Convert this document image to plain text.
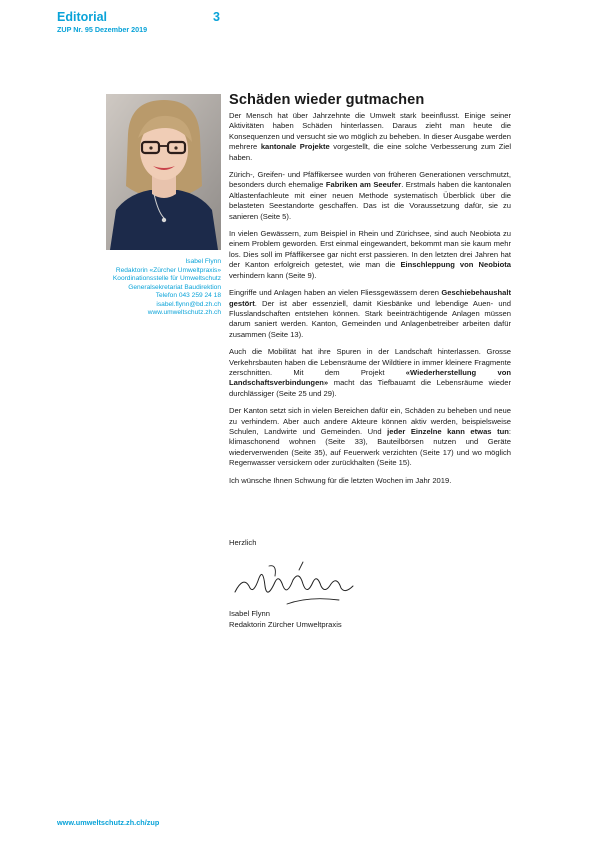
Editorial
ZUP Nr. 95 Dezember 2019
3
Isabel Flynn
Redaktorin «Zürcher Umweltpraxis»
Koordinationsstelle für Umweltschutz
Generalsekretariat Baudirektion
Telefon 043 259 24 18
isabel.flynn@bd.zh.ch
www.umweltschutz.zh.ch
Schäden wieder gutmachen

Der Mensch hat über Jahrzehnte die Umwelt stark beeinflusst. Einige seiner Aktivitäten haben Schäden hinterlassen. Daraus zieht man heute die Konsequenzen und versucht sie wo möglich zu beheben. In dieser Ausgabe werden mehrere kantonale Projekte vorgestellt, die eine solche Verbesserung zum Ziel haben.

Zürich-, Greifen- und Pfäffikersee wurden von früheren Generationen verschmutzt, besonders durch ehemalige Fabriken am Seeufer. Erstmals haben die kantonalen Altlastenfachleute mit einer neuen Methode systematisch Überblick über die belasteten Seestandorte geschaffen. Das ist die Voraussetzung dafür, sie zu sanieren (Seite 5).

In vielen Gewässern, zum Beispiel in Rhein und Zürichsee, sind auch Neobiota zu einem Problem geworden. Erst einmal eingewandert, bekommt man sie kaum mehr los. Dies soll im Pfäffikersee gar nicht erst passieren. In den letzten drei Jahren hat der Kanton erfolgreich getestet, wie man die Einschleppung von Neobiota verhindern kann (Seite 9).

Eingriffe und Anlagen haben an vielen Fliessgewässern deren Geschiebehaushalt gestört. Der ist aber essenziell, damit Kiesbänke und lebendige Auen- und Flusslandschaften entstehen können. Stark beeinträchtigende Anlagen müssen darum saniert werden. Kanton, Gemeinden und Anlagenbetreiber arbeiten dafür zusammen (Seite 13).

Auch die Mobilität hat ihre Spuren in der Landschaft hinterlassen. Grosse Verkehrsbauten haben die Lebensräume der Wildtiere in immer kleinere Fragmente zerschnitten. Mit dem Projekt «Wiederherstellung von Landschaftsverbindungen» macht das Tiefbauamt die Lebensräume wieder durchlässiger (Seite 25 und 29).

Der Kanton setzt sich in vielen Bereichen dafür ein, Schäden zu beheben und neue zu verhindern. Aber auch andere Akteure können aktiv werden, beispielsweise Schulen, Landwirte und Gemeinden. Und jeder Einzelne kann etwas tun: klimaschonend wohnen (Seite 33), Bauteilbörsen nutzen und Geräte wiederverwenden (Seite 35), auf Feuerwerk verzichten (Seite 17) und wo möglich Regenwasser versickern oder zurückhalten (Seite 15).

Ich wünsche Ihnen Schwung für die letzten Wochen im Jahr 2019.

Herzlich
Isabel Flynn
Redaktorin Zürcher Umweltpraxis
www.umweltschutz.zh.ch/zup
